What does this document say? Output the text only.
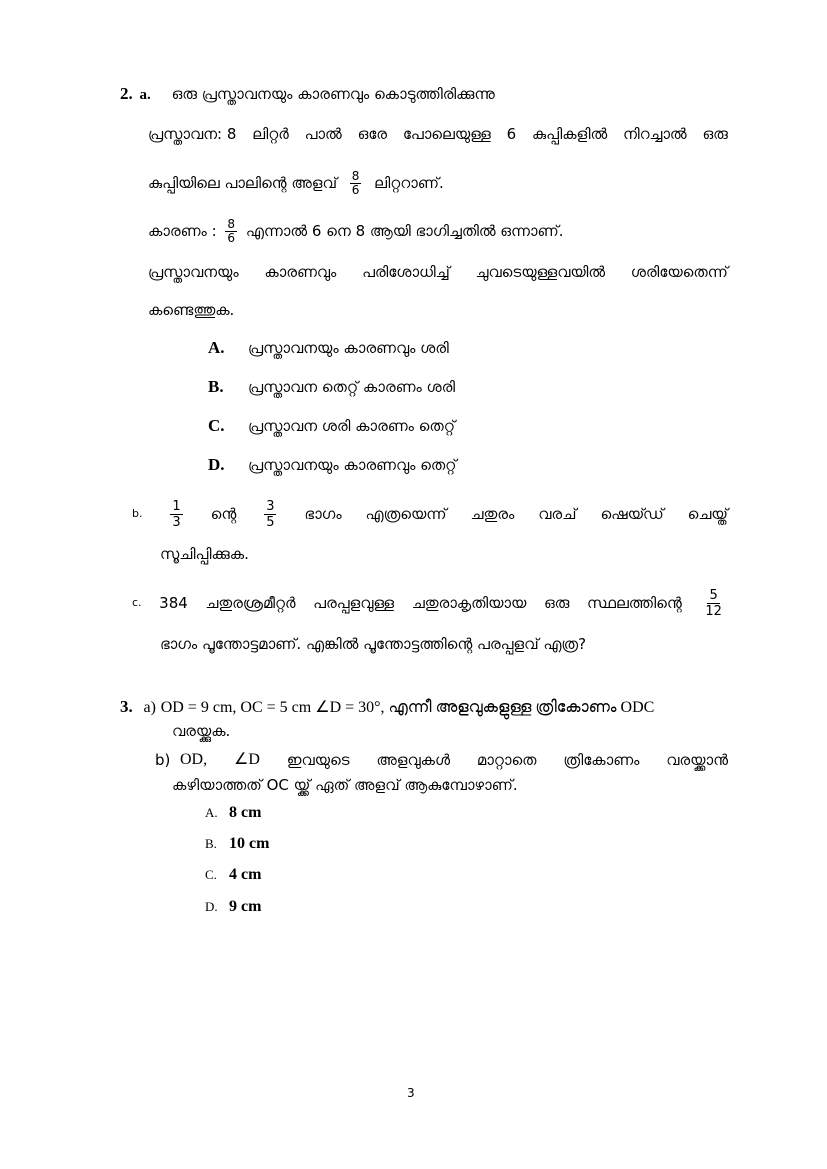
2. a. ഒരു പ്രസ്താവനയും കാരണവും കൊടുത്തിരിക്കുന്നു
പ്രസ്താവന: 8 ലിറ്റർ പാൽ ഒരേ പോലെയുള്ള 6 കുപ്പികളിൽ നിറച്ചാൽ ഒരു
കുപ്പിയിലെ പാലിന്റെ അളവ് $\frac{8}{6}$ ലിറ്ററാണ്.
കാരണം : $\frac{8}{6}$ എന്നാൽ 6 നെ 8 ആയി ഭാഗിച്ചതിൽ ഒന്നാണ്.
പ്രസ്താവനയും കാരണവും പരിശോധിച്ച് ചുവടെയുള്ളവയിൽ ശരിയേതെന്ന്
കണ്ടെത്തുക.
A. പ്രസ്താവനയും കാരണവും ശരി
B. പ്രസ്താവന തെറ്റ് കാരണം ശരി
C. പ്രസ്താവന ശരി കാരണം തെറ്റ്
D. പ്രസ്താവനയും കാരണവും തെറ്റ്
b. $\frac{1}{3}$ ന്റെ $\frac{3}{5}$ ഭാഗം എത്രയെന്ന് ചതുരം വരച് ഷെയ്ഡ് ചെയ്ത്
സൂചിപ്പിക്കുക.
c. 384 ചതുരശ്രമീറ്റർ പരപ്പളവുള്ള ചതുരാകൃതിയായ ഒരു സ്ഥലത്തിന്റെ $\frac{5}{12}$
ഭാഗം പൂന്തോട്ടമാണ്. എങ്കിൽ പൂന്തോട്ടത്തിന്റെ പരപ്പളവ് എത്ര?
3. a) OD = 9 cm, OC = 5 cm ∠D = 30°, എന്നീ അളവുകളുള്ള ത്രികോണം ODC
വരയ്ക്കുക.
b) OD, ∠D ഇവയുടെ അളവുകൾ മാറ്റാതെ ത്രികോണം വരയ്ക്കാൻ
കഴിയാത്തത് OC യ്ക്ക് ഏത് അളവ് ആകുമ്പോഴാണ്.
A. 8 cm
B. 10 cm
C. 4 cm
D. 9 cm
3
